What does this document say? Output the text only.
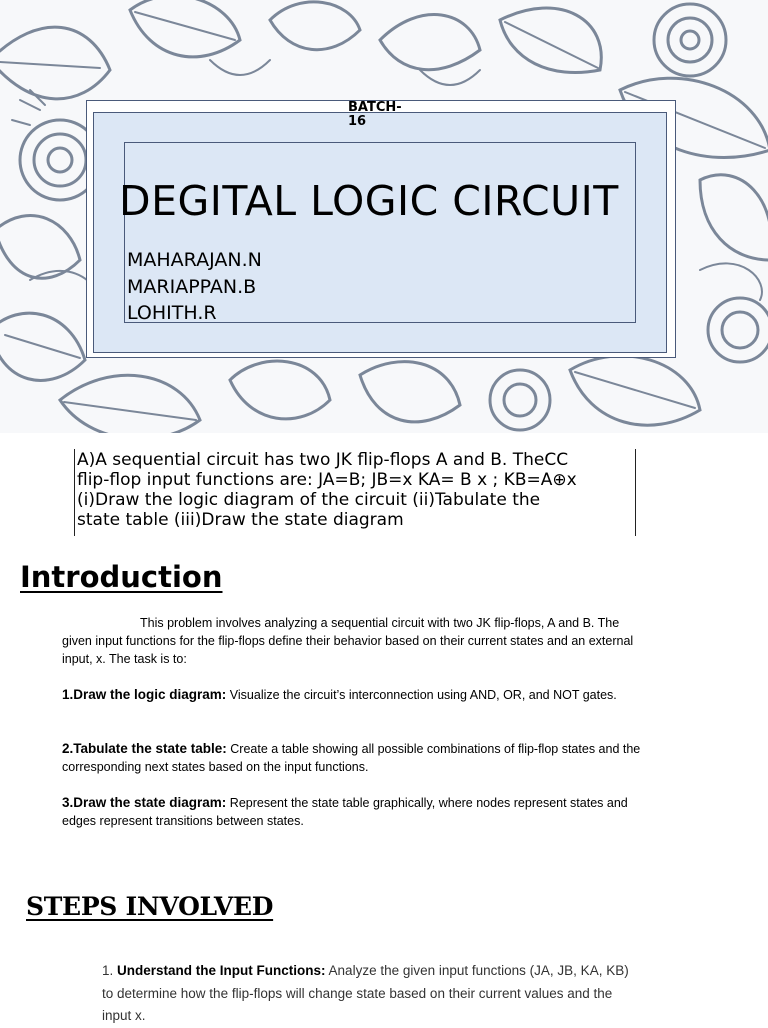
BATCH-16
DEGITAL LOGIC CIRCUIT
MAHARAJAN.N
MARIAPPAN.B
LOHITH.R
A)A sequential circuit has two JK flip-flops A and B. TheCC
flip-flop input functions are: JA=B; JB=x KA= B x ; KB=A⊕x
(i)Draw the logic diagram of the circuit (ii)Tabulate the
state table (iii)Draw the state diagram
Introduction
This problem involves analyzing a sequential circuit with two JK flip-flops, A and B. The given input functions for the flip-flops define their behavior based on their current states and an external input, x. The task is to:
1.Draw the logic diagram: Visualize the circuit’s interconnection using AND, OR, and NOT gates.
2.Tabulate the state table: Create a table showing all possible combinations of flip-flop states and the corresponding next states based on the input functions.
3.Draw the state diagram: Represent the state table graphically, where nodes represent states and edges represent transitions between states.
STEPS INVOLVED
1. Understand the Input Functions: Analyze the given input functions (JA, JB, KA, KB) to determine how the flip-flops will change state based on their current values and the input x.
